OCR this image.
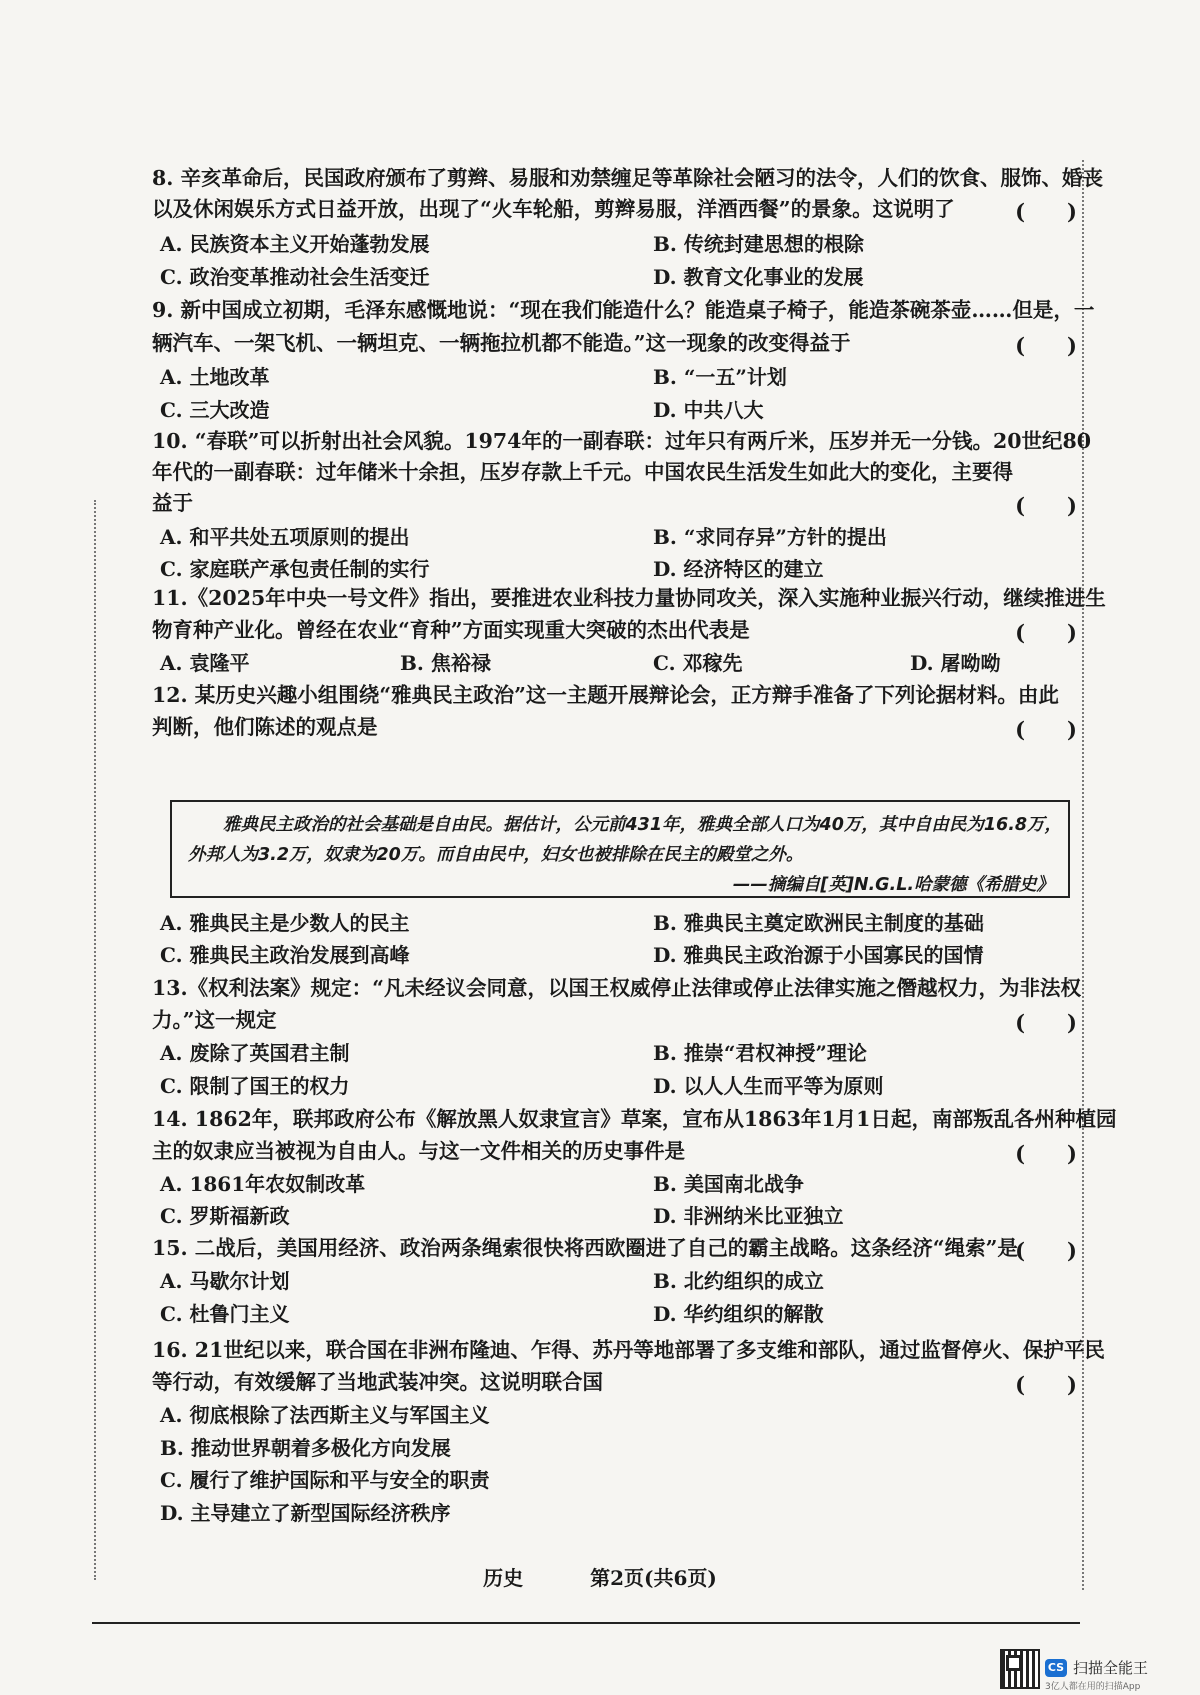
8. 辛亥革命后，民国政府颁布了剪辫、易服和劝禁缠足等革除社会陋习的法令，人们的饮食、服饰、婚丧
以及休闲娱乐方式日益开放，出现了“火车轮船，剪辫易服，洋酒西餐”的景象。这说明了	(　　)
A. 民族资本主义开始蓬勃发展	B. 传统封建思想的根除
C. 政治变革推动社会生活变迁	D. 教育文化事业的发展
9. 新中国成立初期，毛泽东感慨地说：“现在我们能造什么？能造桌子椅子，能造茶碗茶壶……但是，一
辆汽车、一架飞机、一辆坦克、一辆拖拉机都不能造。”这一现象的改变得益于	(　　)
A. 土地改革	B. “一五”计划
C. 三大改造	D. 中共八大
10. “春联”可以折射出社会风貌。1974年的一副春联：过年只有两斤米，压岁并无一分钱。20世纪80
年代的一副春联：过年储米十余担，压岁存款上千元。中国农民生活发生如此大的变化，主要得
益于	(　　)
A. 和平共处五项原则的提出	B. “求同存异”方针的提出
C. 家庭联产承包责任制的实行	D. 经济特区的建立
11.《2025年中央一号文件》指出，要推进农业科技力量协同攻关，深入实施种业振兴行动，继续推进生
物育种产业化。曾经在农业“育种”方面实现重大突破的杰出代表是	(　　)
A. 袁隆平	B. 焦裕禄	C. 邓稼先	D. 屠呦呦
12. 某历史兴趣小组围绕“雅典民主政治”这一主题开展辩论会，正方辩手准备了下列论据材料。由此
判断，他们陈述的观点是	(　　)
雅典民主政治的社会基础是自由民。据估计，公元前431年，雅典全部人口为40万，其中自由民为16.8万，
外邦人为3.2万，奴隶为20万。而自由民中，妇女也被排除在民主的殿堂之外。
——摘编自[英]N.G.L.哈蒙德《希腊史》
A. 雅典民主是少数人的民主	B. 雅典民主奠定欧洲民主制度的基础
C. 雅典民主政治发展到高峰	D. 雅典民主政治源于小国寡民的国情
13.《权利法案》规定：“凡未经议会同意，以国王权威停止法律或停止法律实施之僭越权力，为非法权
力。”这一规定	(　　)
A. 废除了英国君主制	B. 推崇“君权神授”理论
C. 限制了国王的权力	D. 以人人生而平等为原则
14. 1862年，联邦政府公布《解放黑人奴隶宣言》草案，宣布从1863年1月1日起，南部叛乱各州种植园
主的奴隶应当被视为自由人。与这一文件相关的历史事件是	(　　)
A. 1861年农奴制改革	B. 美国南北战争
C. 罗斯福新政	D. 非洲纳米比亚独立
15. 二战后，美国用经济、政治两条绳索很快将西欧圈进了自己的霸主战略。这条经济“绳索”是
(　　)
A. 马歇尔计划	B. 北约组织的成立
C. 杜鲁门主义	D. 华约组织的解散
16. 21世纪以来，联合国在非洲布隆迪、乍得、苏丹等地部署了多支维和部队，通过监督停火、保护平民
等行动，有效缓解了当地武装冲突。这说明联合国	(　　)
A. 彻底根除了法西斯主义与军国主义
B. 推动世界朝着多极化方向发展
C. 履行了维护国际和平与安全的职责
D. 主导建立了新型国际经济秩序
历史	第2页(共6页)
CS 扫描全能王
3亿人都在用的扫描App
